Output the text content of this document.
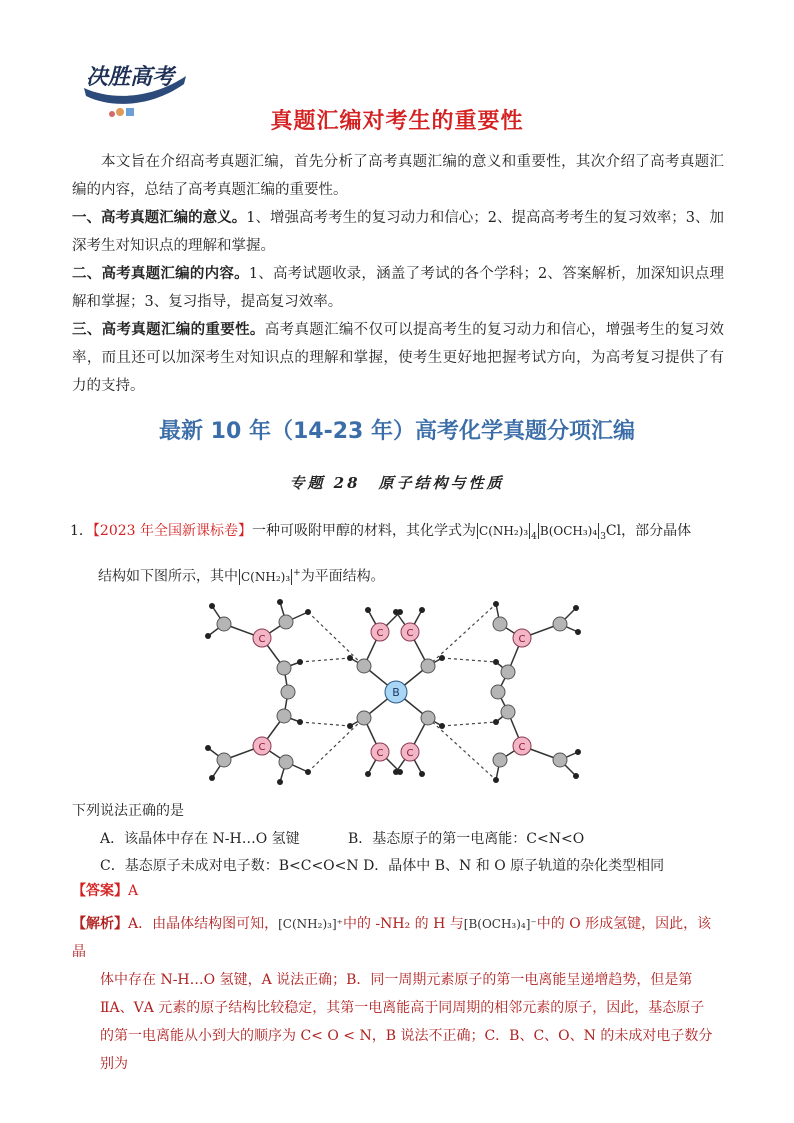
决胜高考
真题汇编对考生的重要性
本文旨在介绍高考真题汇编，首先分析了高考真题汇编的意义和重要性，其次介绍了高考真题汇编的内容，总结了高考真题汇编的重要性。
一、高考真题汇编的意义。1、增强高考考生的复习动力和信心；2、提高高考考生的复习效率；3、加深考生对知识点的理解和掌握。
二、高考真题汇编的内容。1、高考试题收录，涵盖了考试的各个学科；2、答案解析，加深知识点理解和掌握；3、复习指导，提高复习效率。
三、高考真题汇编的重要性。高考真题汇编不仅可以提高考生的复习动力和信心，增强考生的复习效率，而且还可以加深考生对知识点的理解和掌握，使考生更好地把握考试方向，为高考复习提供了有力的支持。
最新 10 年（14-23 年）高考化学真题分项汇编
专题 28　原子结构与性质
1．【2023 年全国新课标卷】一种可吸附甲醇的材料，其化学式为 C(NH₂)₃ $_4$ B(OCH₃)₄ $_3$Cl，部分晶体
结构如下图所示，其中 C(NH₂)₃ +为平面结构。
C
C
C
C
C C
C C
B
下列说法正确的是
A．该晶体中存在 N-H…O 氢键	B．基态原子的第一电离能：C<N<O
C．基态原子未成对电子数：B<C<O<N D．晶体中 B、N 和 O 原子轨道的杂化类型相同
【答案】A
【解析】A．由晶体结构图可知，[C(NH₂)₃]⁺中的 -NH₂ 的 H 与[B(OCH₃)₄]⁻中的 O 形成氢键，因此，该晶
体中存在 N-H…O 氢键，A 说法正确；B．同一周期元素原子的第一电离能呈递增趋势，但是第
ⅡA、ⅤA 元素的原子结构比较稳定，其第一电离能高于同周期的相邻元素的原子，因此，基态原子
的第一电离能从小到大的顺序为 C< O < N，B 说法不正确；C．B、C、O、N 的未成对电子数分别为
